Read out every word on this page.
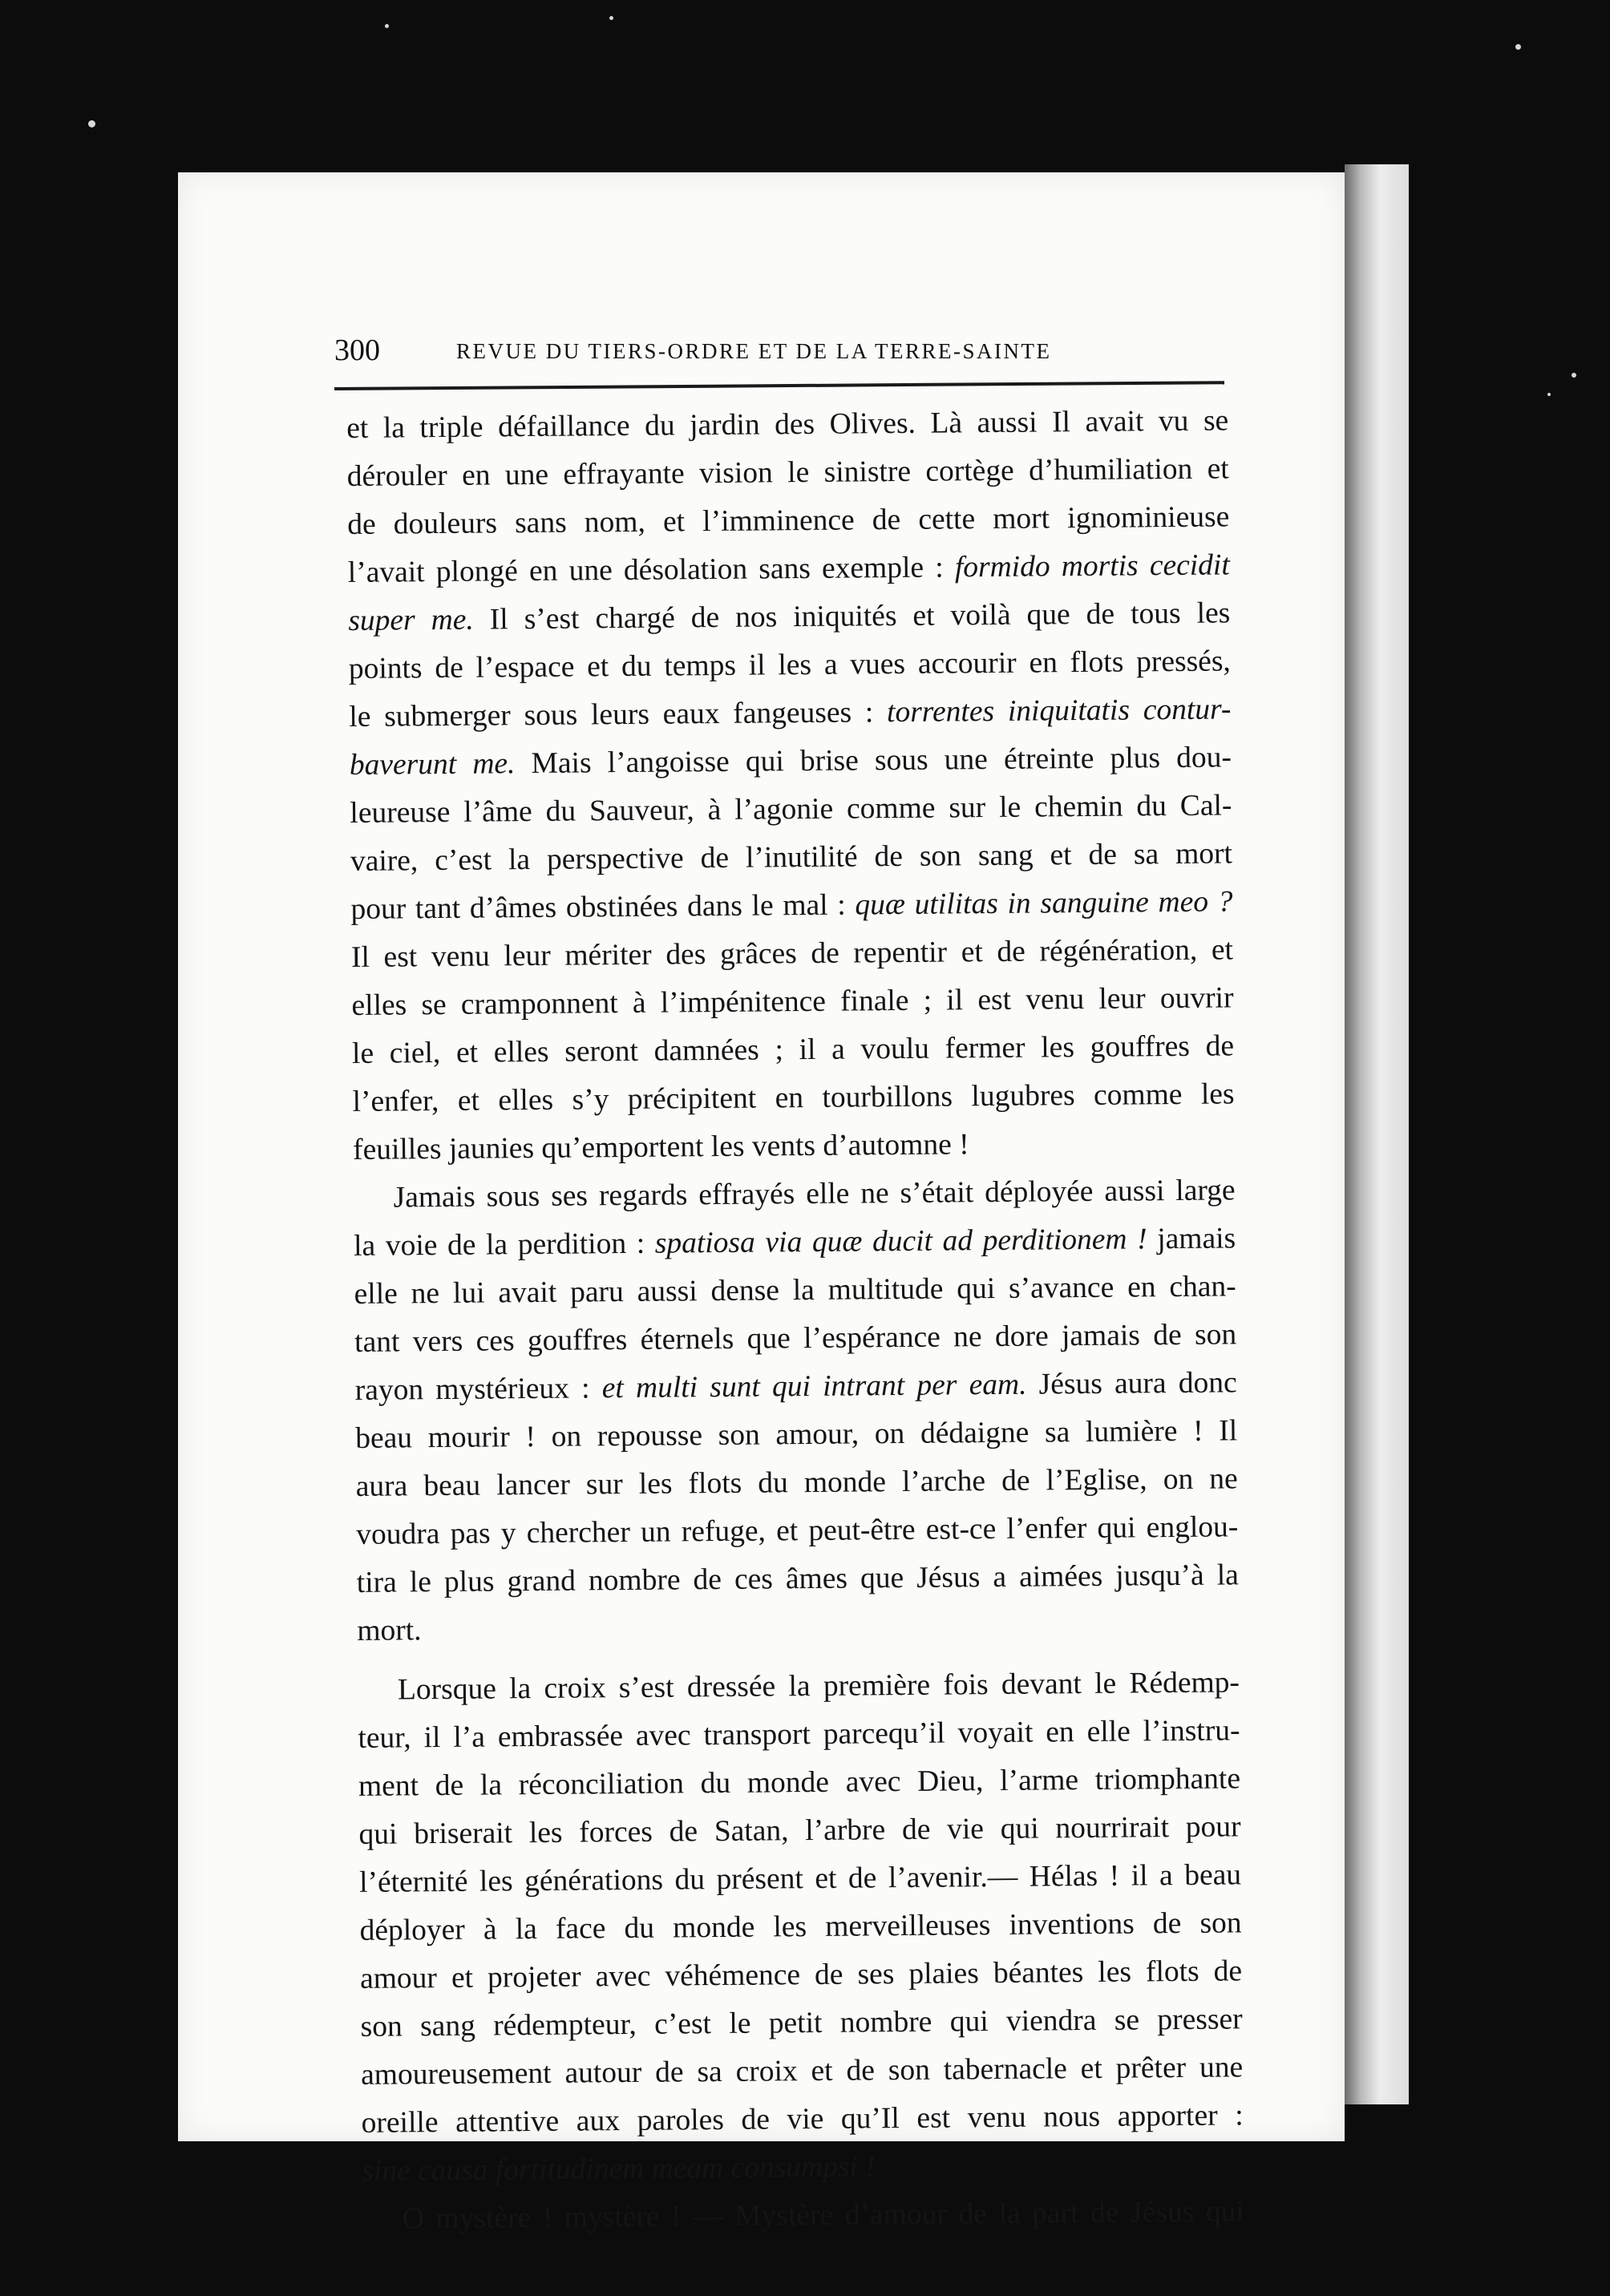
300	REVUE DU TIERS-ORDRE ET DE LA TERRE-SAINTE
et la triple défaillance du jardin des Olives. Là aussi Il avait vu se
dérouler en une effrayante vision le sinistre cortège d’humiliation et
de douleurs sans nom, et l’imminence de cette mort ignominieuse
l’avait plongé en une désolation sans exemple : formido mortis cecidit
super me. Il s’est chargé de nos iniquités et voilà que de tous les
points de l’espace et du temps il les a vues accourir en flots pressés,
le submerger sous leurs eaux fangeuses : torrentes iniquitatis contur-
baverunt me. Mais l’angoisse qui brise sous une étreinte plus dou-
leureuse l’âme du Sauveur, à l’agonie comme sur le chemin du Cal-
vaire, c’est la perspective de l’inutilité de son sang et de sa mort
pour tant d’âmes obstinées dans le mal : quæ utilitas in sanguine meo ?
Il est venu leur mériter des grâces de repentir et de régénération, et
elles se cramponnent à l’impénitence finale ; il est venu leur ouvrir
le ciel, et elles seront damnées ; il a voulu fermer les gouffres de
l’enfer, et elles s’y précipitent en tourbillons lugubres comme les
feuilles jaunies qu’emportent les vents d’automne !
Jamais sous ses regards effrayés elle ne s’était déployée aussi large
la voie de la perdition : spatiosa via quæ ducit ad perditionem ! jamais
elle ne lui avait paru aussi dense la multitude qui s’avance en chan-
tant vers ces gouffres éternels que l’espérance ne dore jamais de son
rayon mystérieux : et multi sunt qui intrant per eam. Jésus aura donc
beau mourir ! on repousse son amour, on dédaigne sa lumière ! Il
aura beau lancer sur les flots du monde l’arche de l’Eglise, on ne
voudra pas y chercher un refuge, et peut-être est-ce l’enfer qui englou-
tira le plus grand nombre de ces âmes que Jésus a aimées jusqu’à la
mort.
Lorsque la croix s’est dressée la première fois devant le Rédemp-
teur, il l’a embrassée avec transport parcequ’il voyait en elle l’instru-
ment de la réconciliation du monde avec Dieu, l’arme triomphante
qui briserait les forces de Satan, l’arbre de vie qui nourrirait pour
l’éternité les générations du présent et de l’avenir.— Hélas ! il a beau
déployer à la face du monde les merveilleuses inventions de son
amour et projeter avec véhémence de ses plaies béantes les flots de
son sang rédempteur, c’est le petit nombre qui viendra se presser
amoureusement autour de sa croix et de son tabernacle et prêter une
oreille attentive aux paroles de vie qu’Il est venu nous apporter :
sine causa fortitudinem meam consumpsi !
O mystère ! mystère ! — Mystère d’amour de la part de Jésus qui
